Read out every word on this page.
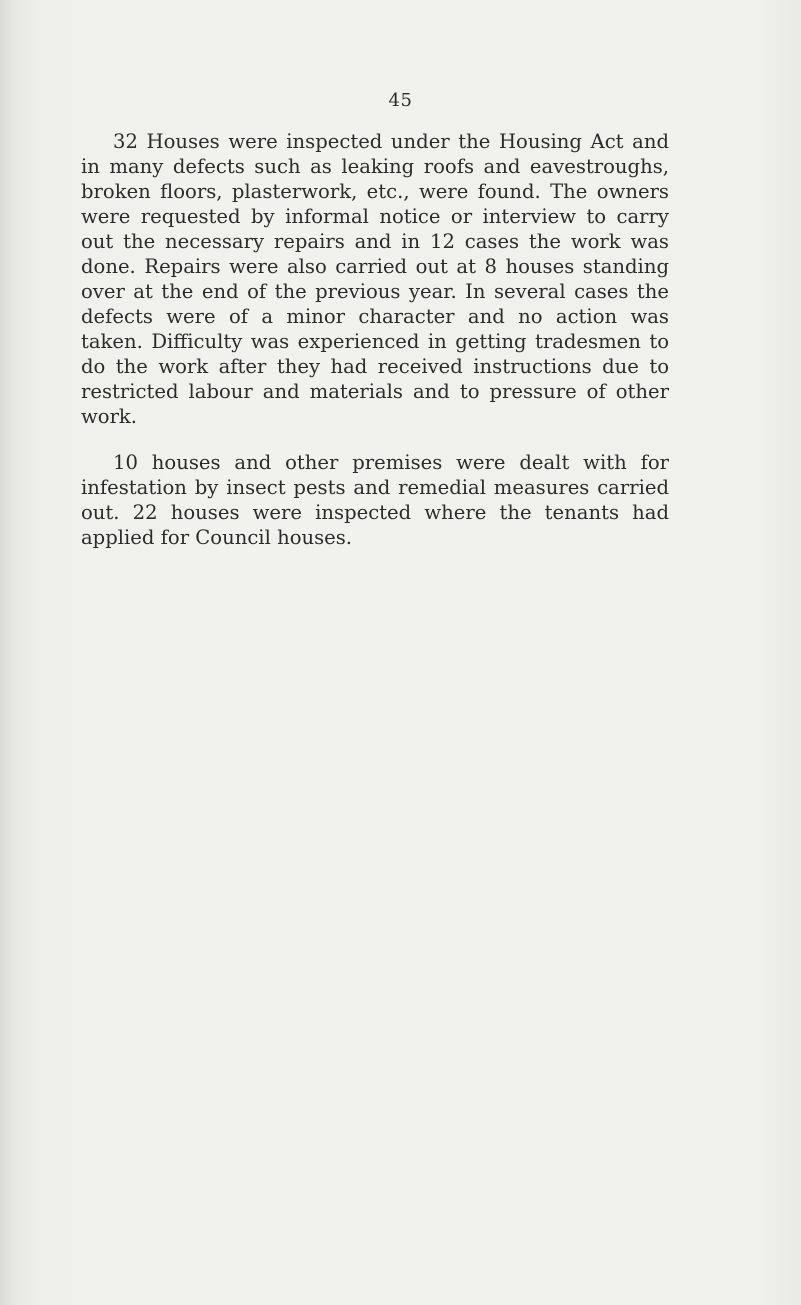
45

32 Houses were inspected under the Housing Act and in many defects such as leaking roofs and eavestroughs, broken floors, plasterwork, etc., were found. The owners were requested by informal notice or interview to carry out the necessary repairs and in 12 cases the work was done. Repairs were also carried out at 8 houses standing over at the end of the previous year. In several cases the defects were of a minor character and no action was taken. Difficulty was experienced in getting tradesmen to do the work after they had received instructions due to restricted labour and materials and to pressure of other work.

10 houses and other premises were dealt with for infestation by insect pests and remedial measures carried out. 22 houses were inspected where the tenants had applied for Council houses.
